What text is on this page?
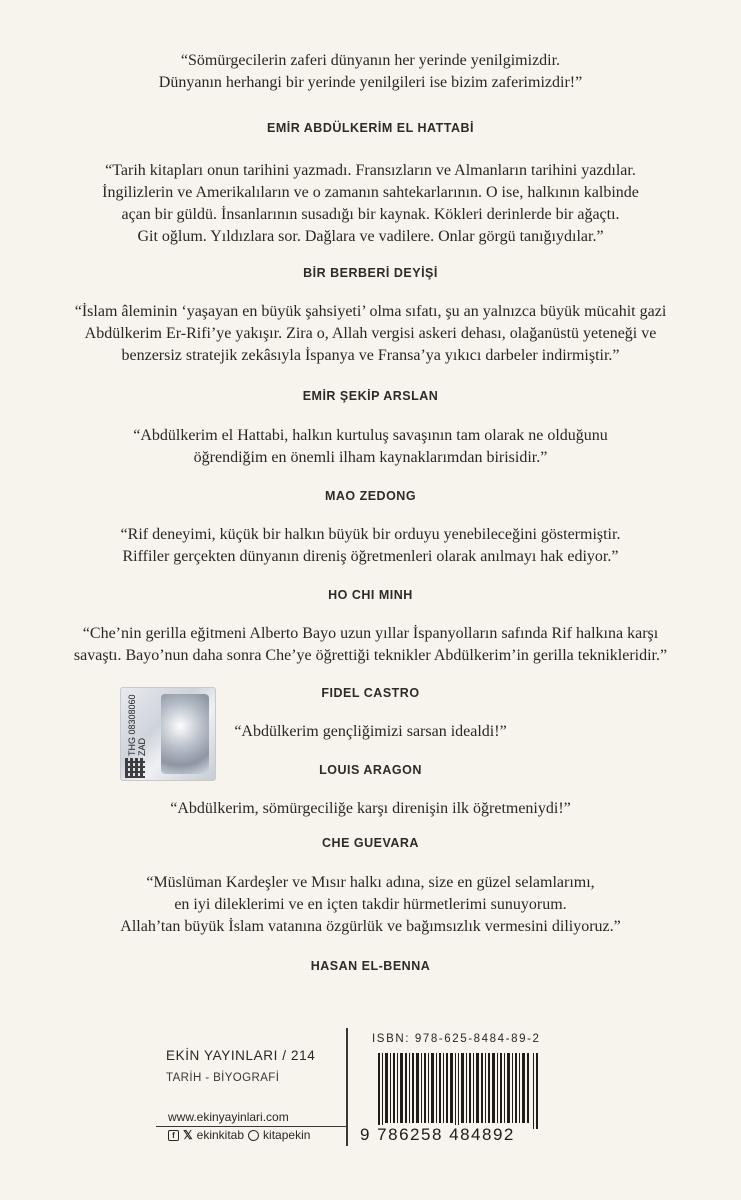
“Sömürgecilerin zaferi dünyanın her yerinde yenilgimizdir.
Dünyanın herhangi bir yerinde yenilgileri ise bizim zaferimizdir!”

EMİR ABDÜLKERİM EL HATTABİ

“Tarih kitapları onun tarihini yazmadı. Fransızların ve Almanların tarihini yazdılar.
İngilizlerin ve Amerikalıların ve o zamanın sahtekarlarının. O ise, halkının kalbinde
açan bir güldü. İnsanlarının susadığı bir kaynak. Kökleri derinlerde bir ağaçtı.
Git oğlum. Yıldızlara sor. Dağlara ve vadilere. Onlar görgü tanığıydılar.”

BİR BERBERİ DEYİŞİ

“İslam âleminin ‘yaşayan en büyük şahsiyeti’ olma sıfatı, şu an yalnızca büyük mücahit gazi
Abdülkerim Er-Rifi’ye yakışır. Zira o, Allah vergisi askeri dehası, olağanüstü yeteneği ve
benzersiz stratejik zekâsıyla İspanya ve Fransa’ya yıkıcı darbeler indirmiştir.”

EMİR ŞEKİP ARSLAN

“Abdülkerim el Hattabi, halkın kurtuluş savaşının tam olarak ne olduğunu
öğrendiğim en önemli ilham kaynaklarımdan birisidir.”

MAO ZEDONG

“Rif deneyimi, küçük bir halkın büyük bir orduyu yenebileceğini göstermiştir.
Riffiler gerçekten dünyanın direniş öğretmenleri olarak anılmayı hak ediyor.”

HO CHI MINH

“Che’nin gerilla eğitmeni Alberto Bayo uzun yıllar İspanyolların safında Rif halkına karşı
savaştı. Bayo’nun daha sonra Che’ye öğrettiği teknikler Abdülkerim’in gerilla teknikleridir.”

FIDEL CASTRO

“Abdülkerim gençliğimizi sarsan idealdi!”

LOUIS ARAGON

“Abdülkerim, sömürgeciliğe karşı direnişin ilk öğretmeniydi!”

CHE GUEVARA

“Müslüman Kardeşler ve Mısır halkı adına, size en güzel selamlarımı,
en iyi dileklerimi ve en içten takdir hürmetlerimi sunuyorum.
Allah’tan büyük İslam vatanına özgürlük ve bağımsızlık vermesini diliyoruz.”

HASAN EL-BENNA
THG 08308060 ZAD
EKİN YAYINLARI / 214
TARİH - BİYOGRAFİ
www.ekinyayinlari.com
f 𝕏 ekinkitab kitapekin
ISBN: 978-625-8484-89-2
9 786258 484892
